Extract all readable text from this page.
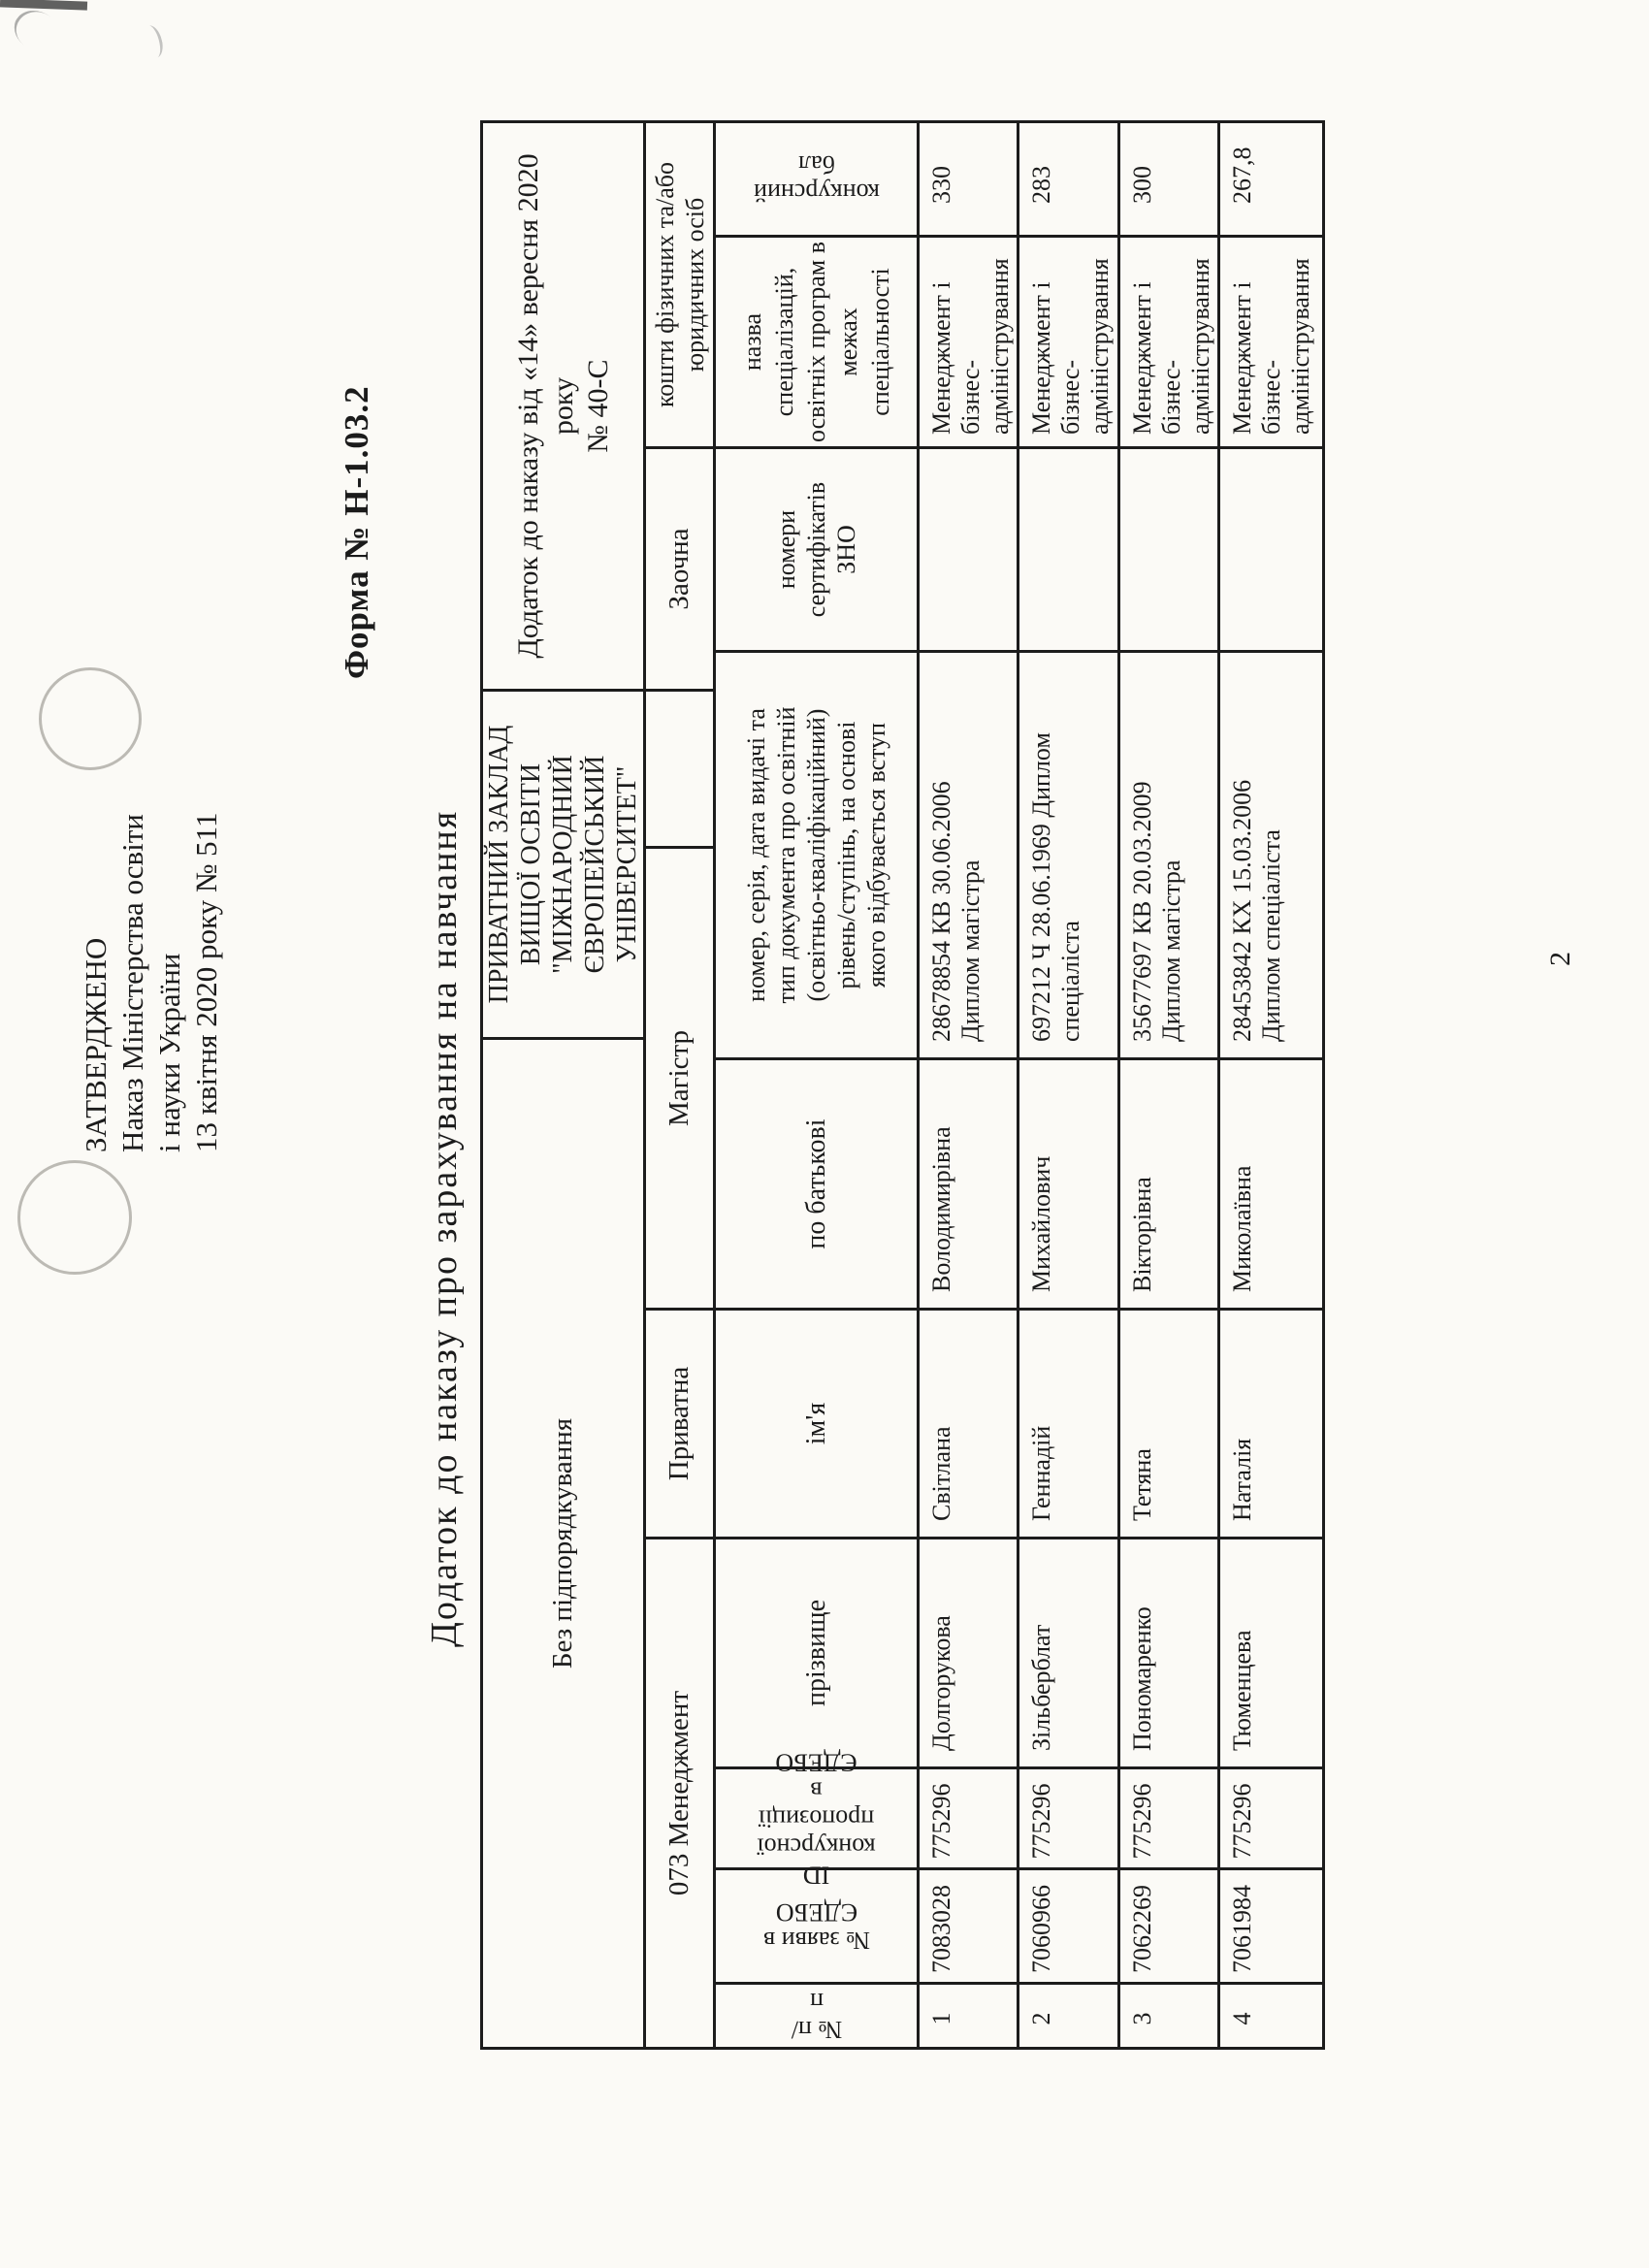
ЗАТВЕРДЖЕНО
Наказ Міністерства освіти
і науки України
13 квітня 2020 року № 511
Форма № Н-1.03.2
Додаток до наказу про зарахування на навчання	Без підпорядкування
ПРИВАТНИЙ ЗАКЛАД
ВИЩОЇ ОСВІТИ
"МІЖНАРОДНИЙ
ЄВРОПЕЙСЬКИЙ
УНІВЕРСИТЕТ"
Додаток до наказу від «14» вересня 2020 року
№ 40-С
073 Менеджмент
Приватна
Магістр
Заочна
кошти фізичних та/або
юридичних осіб
№ п/п
№ заяви в
ЄДЕБО
ID конкурсної
пропозиції в
ЄДЕБО
прізвище
ім'я
по батькові
номер, серія, дата видачі та
тип документа про освітній
(освітньо-кваліфікаційний)
рівень/ступінь, на основі
якого відбувається вступ
номери
сертифікатів
ЗНО
назва спеціалізацій,
освітніх програм в
межах спеціальності
конкурсний бал
1
7083028
775296
Долгорукова
Світлана
Володимирівна
28678854 КВ 30.06.2006
Диплом магістра
Менеджмент і
бізнес-
адміністрування
330
2
7060966
775296
Зільберблат
Геннадій
Михайлович
697212 Ч 28.06.1969 Диплом
спеціаліста
Менеджмент і
бізнес-
адміністрування
283
3
7062269
775296
Пономаренко
Тетяна
Вікторівна
35677697 КВ 20.03.2009
Диплом магістра
Менеджмент і
бізнес-
адміністрування
300
4
7061984
775296
Тюменцева
Наталія
Миколаївна
28453842 КХ 15.03.2006
Диплом спеціаліста
Менеджмент і
бізнес-
адміністрування
267,8
2
